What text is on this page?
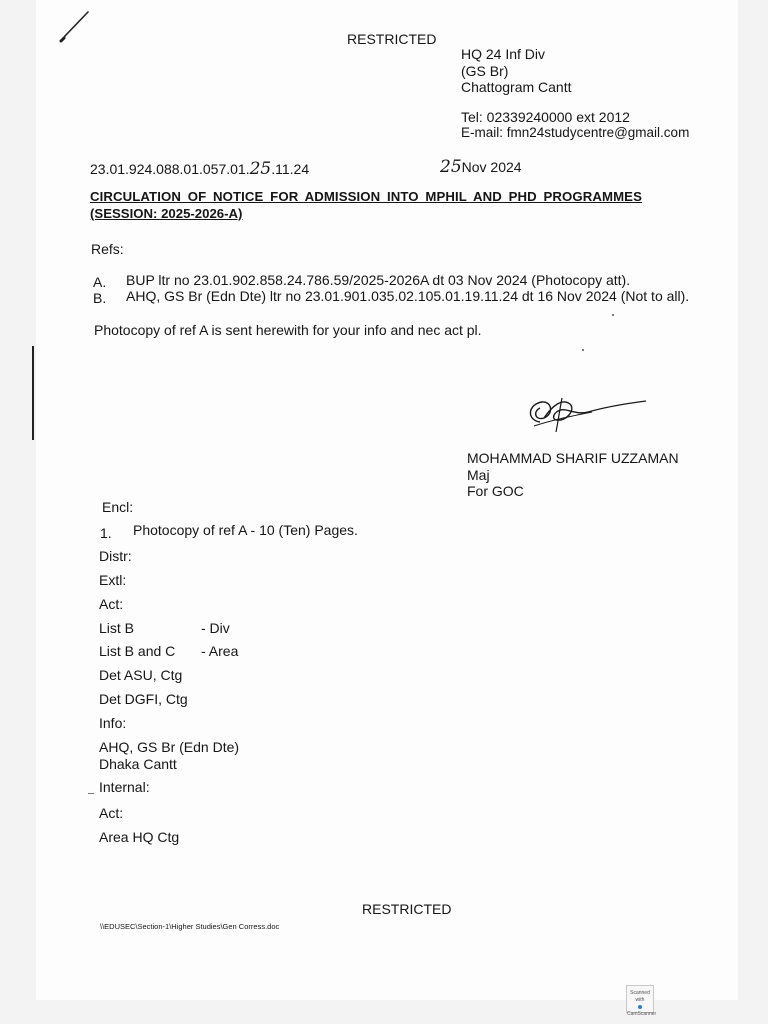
RESTRICTED
HQ 24 Inf Div
(GS Br)
Chattogram Cantt
Tel: 02339240000 ext 2012
E-mail: fmn24studycentre@gmail.com
23.01.924.088.01.057.01.25.11.24	25Nov 2024
CIRCULATION OF NOTICE FOR ADMISSION INTO MPHIL AND PHD PROGRAMMES
(SESSION: 2025-2026-A)
Refs:
A. BUP ltr no 23.01.902.858.24.786.59/2025-2026A dt 03 Nov 2024 (Photocopy att).
B. AHQ, GS Br (Edn Dte) ltr no 23.01.901.035.02.105.01.19.11.24 dt 16 Nov 2024 (Not to all).
Photocopy of ref A is sent herewith for your info and nec act pl.
MOHAMMAD SHARIF UZZAMAN
Maj
For GOC
Encl:
1. Photocopy of ref A - 10 (Ten) Pages.
Distr:
Extl:
Act:
List B	- Div
List B and C - Area
Det ASU, Ctg
Det DGFI, Ctg
Info:
AHQ, GS Br (Edn Dte)
Dhaka Cantt
Internal:
Act:
Area HQ Ctg
RESTRICTED
\\EDUSEC\Section-1\Higher Studies\Gen Corress.doc
Scanned with
CamScanner
